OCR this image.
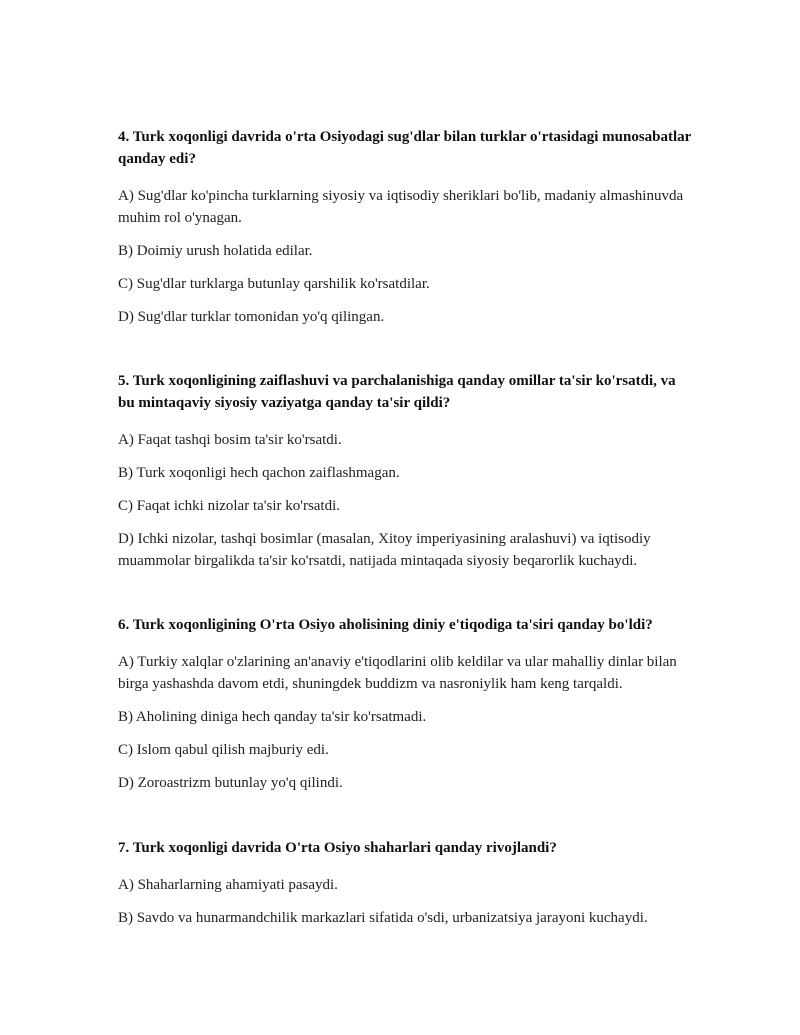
4. Turk xoqonligi davrida o'rta Osiyodagi sug'dlar bilan turklar o'rtasidagi munosabatlar qanday edi?

A) Sug'dlar ko'pincha turklarning siyosiy va iqtisodiy sheriklari bo'lib, madaniy almashinuvda muhim rol o'ynagan.

B) Doimiy urush holatida edilar.

C) Sug'dlar turklarga butunlay qarshilik ko'rsatdilar.

D) Sug'dlar turklar tomonidan yo'q qilingan.

5. Turk xoqonligining zaiflashuvi va parchalanishiga qanday omillar ta'sir ko'rsatdi, va bu mintaqaviy siyosiy vaziyatga qanday ta'sir qildi?

A) Faqat tashqi bosim ta'sir ko'rsatdi.

B) Turk xoqonligi hech qachon zaiflashmagan.

C) Faqat ichki nizolar ta'sir ko'rsatdi.

D) Ichki nizolar, tashqi bosimlar (masalan, Xitoy imperiyasining aralashuvi) va iqtisodiy muammolar birgalikda ta'sir ko'rsatdi, natijada mintaqada siyosiy beqarorlik kuchaydi.

6. Turk xoqonligining O'rta Osiyo aholisining diniy e'tiqodiga ta'siri qanday bo'ldi?

A) Turkiy xalqlar o'zlarining an'anaviy e'tiqodlarini olib keldilar va ular mahalliy dinlar bilan birga yashashda davom etdi, shuningdek buddizm va nasroniylik ham keng tarqaldi.

B) Aholining diniga hech qanday ta'sir ko'rsatmadi.

C) Islom qabul qilish majburiy edi.

D) Zoroastrizm butunlay yo'q qilindi.

7. Turk xoqonligi davrida O'rta Osiyo shaharlari qanday rivojlandi?

A) Shaharlarning ahamiyati pasaydi.

B) Savdo va hunarmandchilik markazlari sifatida o'sdi, urbanizatsiya jarayoni kuchaydi.
